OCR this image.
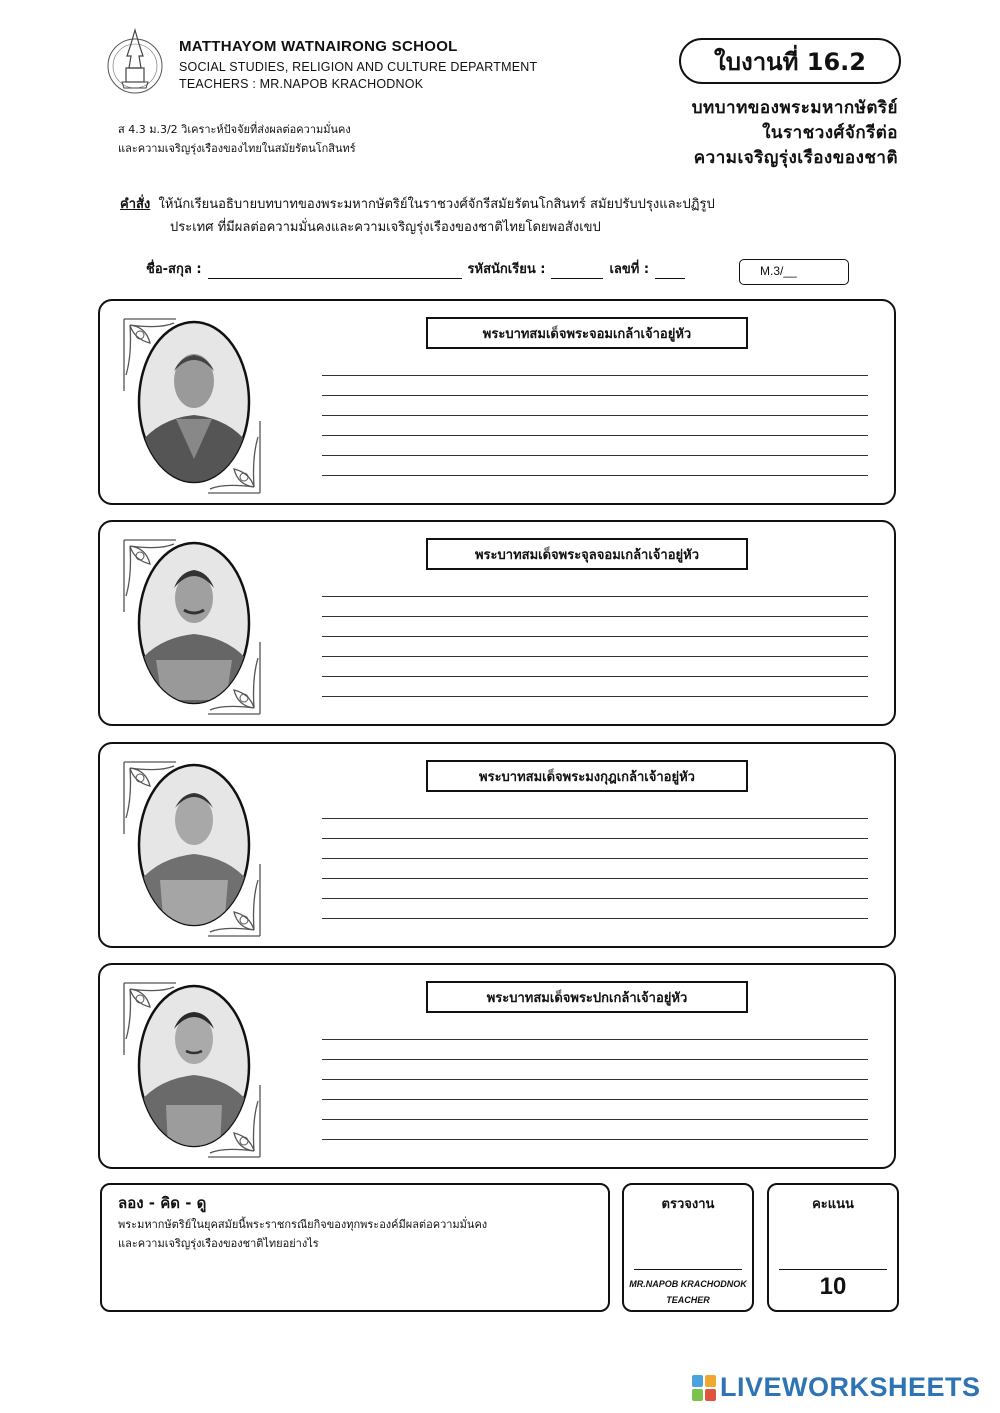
MATTHAYOM WATNAIRONG SCHOOL
SOCIAL STUDIES, RELIGION AND CULTURE DEPARTMENT
TEACHERS : MR.NAPOB KRACHODNOK
ส 4.3 ม.3/2 วิเคราะห์ปัจจัยที่ส่งผลต่อความมั่นคง
และความเจริญรุ่งเรืองของไทยในสมัยรัตนโกสินทร์
ใบงานที่ 16.2
บทบาทของพระมหากษัตริย์
ในราชวงศ์จักรีต่อ
ความเจริญรุ่งเรืองของชาติ
คำสั่ง ให้นักเรียนอธิบายบทบาทของพระมหากษัตริย์ในราชวงศ์จักรีสมัยรัตนโกสินทร์ สมัยปรับปรุงและปฏิรูป
ประเทศ ที่มีผลต่อความมั่นคงและความเจริญรุ่งเรืองของชาติไทยโดยพอสังเขป
ชื่อ-สกุล :	รหัสนักเรียน :	เลขที่ :	M.3/__
พระบาทสมเด็จพระจอมเกล้าเจ้าอยู่หัว
พระบาทสมเด็จพระจุลจอมเกล้าเจ้าอยู่หัว
พระบาทสมเด็จพระมงกุฎเกล้าเจ้าอยู่หัว
พระบาทสมเด็จพระปกเกล้าเจ้าอยู่หัว
ลอง - คิด - ดู
พระมหากษัตริย์ในยุคสมัยนี้พระราชกรณียกิจของทุกพระองค์มีผลต่อความมั่นคง
และความเจริญรุ่งเรืองของชาติไทยอย่างไร
ตรวจงาน
MR.NAPOB KRACHODNOK
TEACHER
คะแนน
10
LIVEWORKSHEETS
